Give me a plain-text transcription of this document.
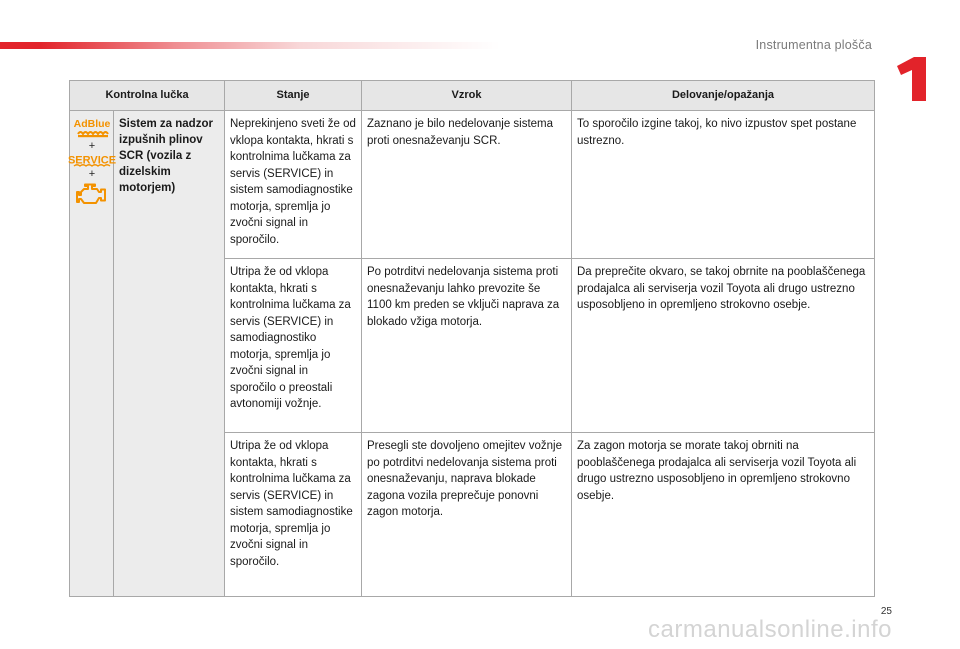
Instrumentna plošča
1
Kontrolna lučka		Stanje	Vzrok	Delovanje/opažanja

AdBlue
+
SERVICE
+	Sistem za nadzor izpušnih plinov SCR (vozila z dizelskim motorjem)	Neprekinjeno sveti že od vklopa kontakta, hkrati s kontrolnima lučkama za servis (SERVICE) in sistem samodiagnostike motorja, spremlja jo zvočni signal in sporočilo.	Zaznano je bilo nedelovanje sistema proti onesnaževanju SCR.	To sporočilo izgine takoj, ko nivo izpustov spet postane ustrezno.
		Utripa že od vklopa kontakta, hkrati s kontrolnima lučkama za servis (SERVICE) in samodiagnostiko motorja, spremlja jo zvočni signal in sporočilo o preostali avtonomiji vožnje.	Po potrditvi nedelovanja sistema proti onesnaževanju lahko prevozite še 1100 km preden se vključi naprava za blokado vžiga motorja.	Da preprečite okvaro, se takoj obrnite na pooblaščenega prodajalca ali serviserja vozil Toyota ali drugo ustrezno usposobljeno in opremljeno strokovno osebje.
		Utripa že od vklopa kontakta, hkrati s kontrolnima lučkama za servis (SERVICE) in sistem samodiagnostike motorja, spremlja jo zvočni signal in sporočilo.	Presegli ste dovoljeno omejitev vožnje po potrditvi nedelovanja sistema proti onesnaževanju, naprava blokade zagona vozila preprečuje ponovni zagon motorja.	Za zagon motorja se morate takoj obrniti na pooblaščenega prodajalca ali serviserja vozil Toyota ali drugo ustrezno usposobljeno in opremljeno strokovno osebje.
25
carmanualsonline.info
